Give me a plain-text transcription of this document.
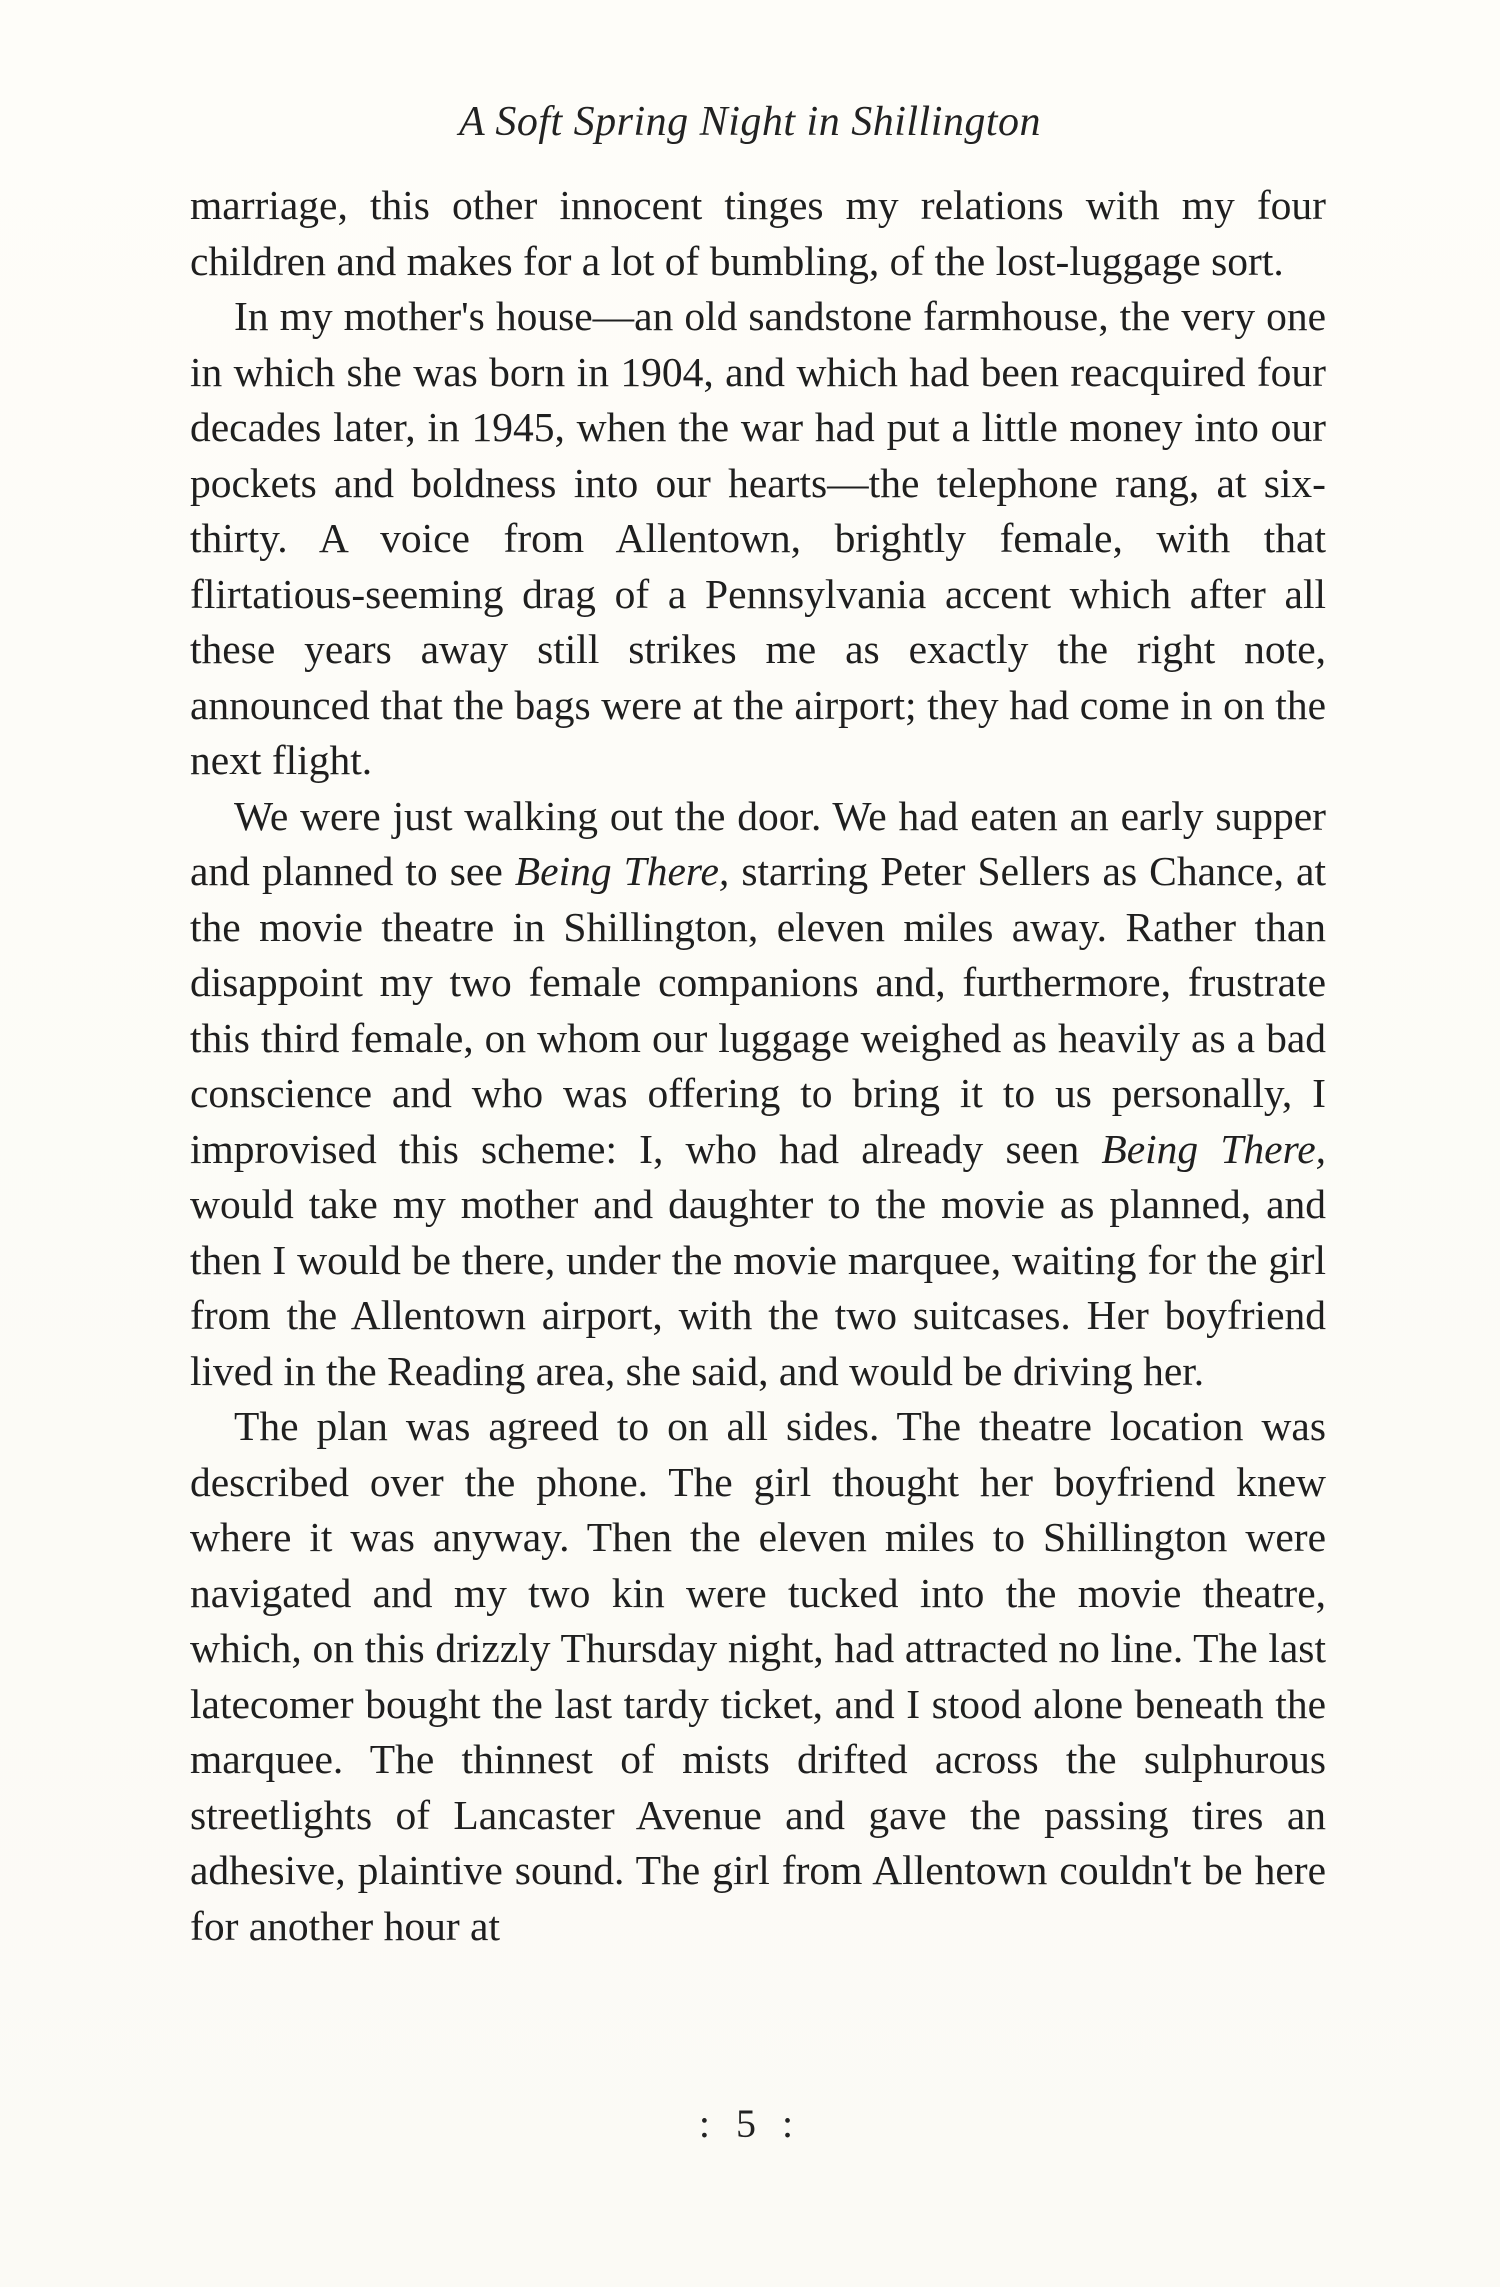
A Soft Spring Night in Shillington

marriage, this other innocent tinges my relations with my four children and makes for a lot of bumbling, of the lost-luggage sort.

In my mother's house—an old sandstone farmhouse, the very one in which she was born in 1904, and which had been reacquired four decades later, in 1945, when the war had put a little money into our pockets and boldness into our hearts—the telephone rang, at six-thirty. A voice from Allentown, brightly female, with that flirtatious-seeming drag of a Pennsylvania accent which after all these years away still strikes me as exactly the right note, announced that the bags were at the airport; they had come in on the next flight.

We were just walking out the door. We had eaten an early supper and planned to see Being There, starring Peter Sellers as Chance, at the movie theatre in Shillington, eleven miles away. Rather than disappoint my two female companions and, furthermore, frustrate this third female, on whom our luggage weighed as heavily as a bad conscience and who was offering to bring it to us personally, I improvised this scheme: I, who had already seen Being There, would take my mother and daughter to the movie as planned, and then I would be there, under the movie marquee, waiting for the girl from the Allentown airport, with the two suitcases. Her boyfriend lived in the Reading area, she said, and would be driving her.

The plan was agreed to on all sides. The theatre location was described over the phone. The girl thought her boyfriend knew where it was anyway. Then the eleven miles to Shillington were navigated and my two kin were tucked into the movie theatre, which, on this drizzly Thursday night, had attracted no line. The last latecomer bought the last tardy ticket, and I stood alone beneath the marquee. The thinnest of mists drifted across the sulphurous streetlights of Lancaster Avenue and gave the passing tires an adhesive, plaintive sound. The girl from Allentown couldn't be here for another hour at

: 5 :
